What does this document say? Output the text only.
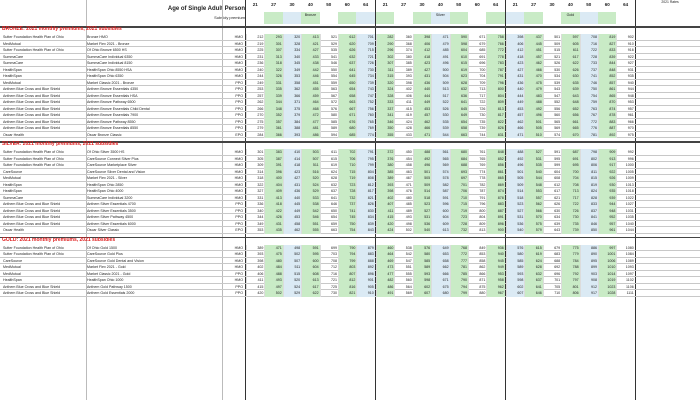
Age of Single Adult Person
Subsidy premium
2021 Rates
21	27	30	40	50	60	64	21	27	30	40	50	60	64	21	27	30	40	50	60	64
Bronze	Silver	Gold
BRONZE: 2021 monthly premiums, 2021 subsidies
Sutter Foundation Health Plan of Ohio	Bronze HMO	HMO	212	293	320	413	521	612	701	282	360	398	471	590	671	758	398	437	501	597	708	819	902
MedMutual	Market Flex 2021 - Bronze	HMO	219	301	328	421	529	620	709	290	368	406	479	598	679	766	406	445	509	605	716	827	910
Sutter Foundation Health Plan of Ohio	Of Ohio Bronze 6500 HS	HMO	225	307	334	427	535	626	715	296	374	412	485	604	685	772	412	451	515	611	722	833	916
SummaCare	SummaCare Individual 6350	HMO	231	313	340	433	541	632	721	302	380	418	491	610	691	778	418	457	521	617	728	839	922
SummaCare	SummaCare Individual 8150	HMO	236	318	345	438	546	637	726	307	385	423	496	615	696	783	423	462	526	622	733	844	927
HealthSpan	HealthSpan Ohio 8550 HSA	HMO	240	322	349	442	550	641	730	311	389	427	500	619	700	787	427	466	530	626	737	848	931
HealthSpan	HealthSpan Ohio 6350	HMO	244	326	353	446	554	645	734	315	393	431	504	623	704	791	431	470	534	630	741	852	935
MedMutual	Market Classic 2021 - Bronze	PPO	249	331	358	451	559	650	739	320	398	436	509	628	709	796	436	475	539	635	746	857	940
Anthem Blue Cross and Blue Shield	Anthem Bronze Essentials 4350	PPO	253	335	362	455	563	654	743	324	402	440	513	632	713	800	440	479	543	639	750	861	944
Anthem Blue Cross and Blue Shield	Anthem Bronze Essentials HSA	PPO	257	339	366	459	567	658	747	328	406	444	517	636	717	804	444	483	547	643	754	865	948
Anthem Blue Cross and Blue Shield	Anthem Bronze Pathway 6500	PPO	262	344	371	464	572	663	752	333	411	449	522	641	722	809	449	488	552	648	759	870	953
Anthem Blue Cross and Blue Shield	Anthem Bronze Essentials Child Dental	PPO	266	348	375	468	576	667	756	337	415	453	526	645	726	813	453	492	556	652	763	874	957
Anthem Blue Cross and Blue Shield	Anthem Bronze Essentials 7900	PPO	270	352	379	472	580	671	760	341	419	457	530	649	730	817	457	496	560	656	767	878	961
Anthem Blue Cross and Blue Shield	Anthem Bronze Pathway 8550	PPO	275	357	384	477	585	676	765	346	424	462	535	654	735	822	462	501	565	661	772	883	966
Anthem Blue Cross and Blue Shield	Anthem Bronze Essentials 8550	PPO	279	361	388	481	589	680	769	350	428	466	539	658	739	826	466	505	569	665	776	887	970
Oscar Health	Oscar Bronze Classic	EPO	284	366	393	486	594	685	774	355	433	471	544	663	744	831	471	510	574	670	781	892	975
SILVER: 2021 monthly premiums, 2021 subsidies
Sutter Foundation Health Plan of Ohio	Of Ohio Silver 3500 HS	HMO	301	383	410	503	611	702	791	372	450	488	561	680	761	848	488	527	591	687	798	909	992
Sutter Foundation Health Plan of Ohio	CareSource Connect Silver Plus	HMO	305	387	414	507	615	706	795	376	454	492	565	684	765	852	492	531	595	691	802	913	996
Sutter Foundation Health Plan of Ohio	CareSource Marketplace Silver	HMO	309	391	418	511	619	710	799	380	458	496	569	688	769	856	496	535	599	695	806	917	1000
CareSource	CareSource Silver Dental and Vision	HMO	314	396	423	516	624	715	804	385	463	501	574	693	774	861	501	540	604	700	811	922	1005
MedMutual	Market Flex 2021 - Silver	HMO	318	400	427	520	628	719	808	389	467	505	578	697	778	865	505	544	608	704	815	926	1009
HealthSpan	HealthSpan Ohio 2850	HMO	322	404	431	524	632	723	812	393	471	509	582	701	782	869	509	548	612	708	819	930	1013
HealthSpan	HealthSpan Ohio 4000	HMO	327	409	436	529	637	728	817	398	476	514	587	706	787	874	514	553	617	713	824	935	1018
SummaCare	SummaCare Individual 3200	HMO	331	413	440	533	641	732	821	402	480	518	591	710	791	878	518	557	621	717	828	939	1022
Anthem Blue Cross and Blue Shield	Anthem Silver Essentials 4700	PPO	336	418	445	538	646	737	826	407	485	523	596	715	796	883	523	562	626	722	833	944	1027
Anthem Blue Cross and Blue Shield	Anthem Silver Essentials 3500	PPO	340	422	449	542	650	741	830	411	489	527	600	719	800	887	527	566	630	726	837	948	1031
Anthem Blue Cross and Blue Shield	Anthem Silver Pathway 4500	PPO	344	426	453	546	654	745	834	415	493	531	604	723	804	891	531	570	634	730	841	952	1035
Anthem Blue Cross and Blue Shield	Anthem Silver Essentials 6000	PPO	349	431	458	551	659	750	839	420	498	536	609	728	809	896	536	575	639	735	846	957	1040
Oscar Health	Oscar Silver Classic	EPO	353	435	462	555	663	754	843	424	502	540	613	732	813	900	540	579	643	739	850	961	1044
GOLD: 2021 monthly premiums, 2021 subsidies
Sutter Foundation Health Plan of Ohio	Of Ohio Gold 1500	HMO	389	471	498	591	699	790	879	460	538	576	649	768	849	936	576	615	679	775	886	997	1080
Sutter Foundation Health Plan of Ohio	CareSource Gold Plus	HMO	393	475	502	595	703	794	883	464	542	580	653	772	853	940	580	619	683	779	890	1001	1084
CareSource	CareSource Gold Dental and Vision	HMO	398	480	507	600	708	799	888	469	547	585	658	777	858	945	585	624	688	784	895	1006	1089
MedMutual	Market Flex 2021 - Gold	HMO	402	484	511	604	712	803	892	473	551	589	662	781	862	949	589	628	692	788	899	1010	1093
MedMutual	Market Classic 2021 - Gold	PPO	406	488	515	608	716	807	896	477	555	593	666	785	866	953	593	632	696	792	903	1014	1097
HealthSpan	HealthSpan Ohio 1000	HMO	411	493	520	613	721	812	901	482	560	598	671	790	871	958	598	637	701	797	908	1019	1102
Anthem Blue Cross and Blue Shield	Anthem Gold Pathway 1500	PPO	415	497	524	617	725	816	905	486	564	602	675	794	875	962	602	641	705	801	912	1023	1106
Anthem Blue Cross and Blue Shield	Anthem Gold Essentials 2000	PPO	420	502	529	622	730	821	910	491	569	607	680	799	880	967	607	646	710	806	917	1028	1111
